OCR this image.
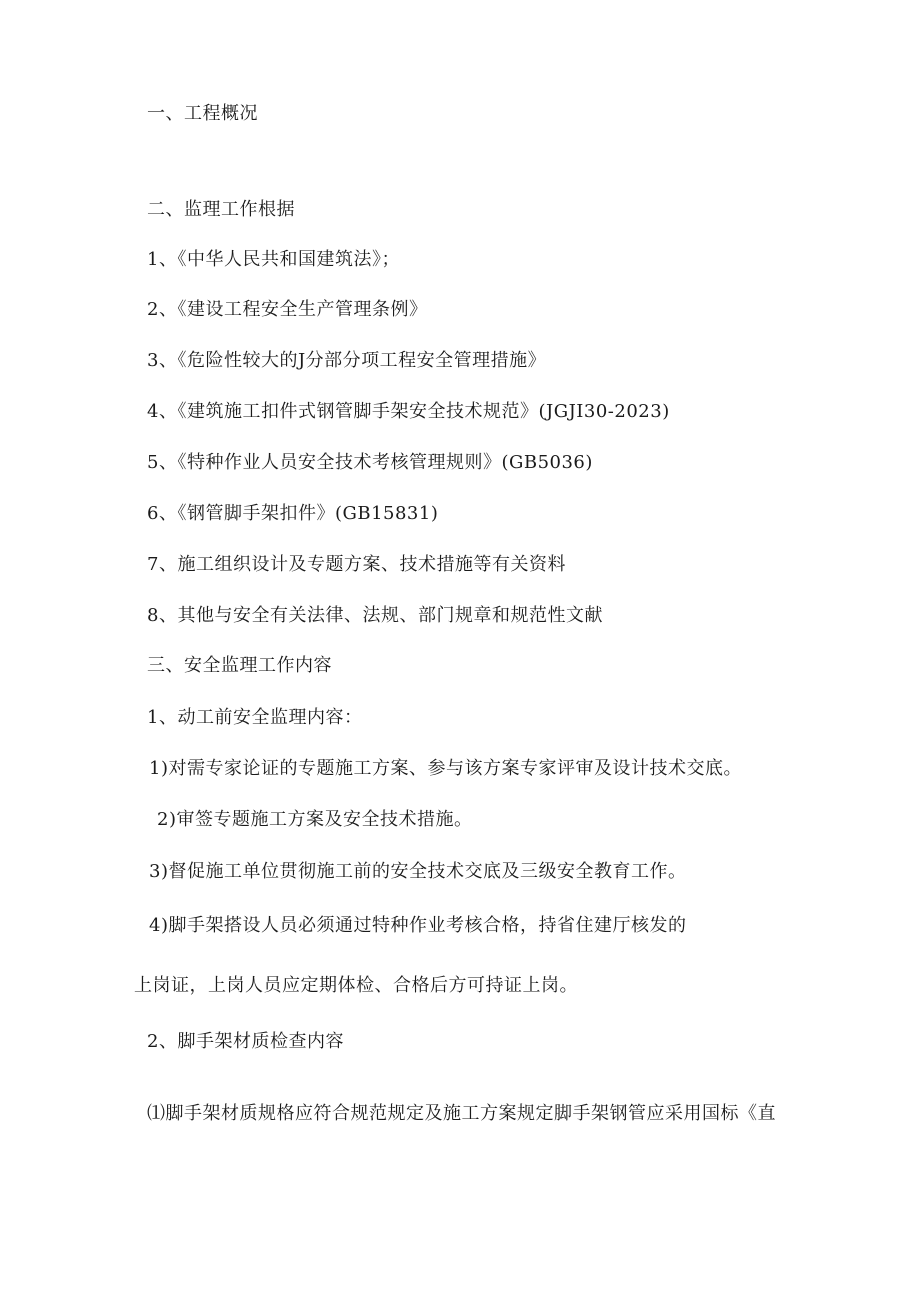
一、工程概况
二、监理工作根据
1、《中华人民共和国建筑法》；
2、《建设工程安全生产管理条例》
3、《危险性较大的J分部分项工程安全管理措施》
4、《建筑施工扣件式钢管脚手架安全技术规范》(JGJI30-2023)
5、《特种作业人员安全技术考核管理规则》(GB5036)
6、《钢管脚手架扣件》(GB15831)
7、施工组织设计及专题方案、技术措施等有关资料
8、其他与安全有关法律、法规、部门规章和规范性文献
三、安全监理工作内容
1、动工前安全监理内容：
1)对需专家论证的专题施工方案、参与该方案专家评审及设计技术交底。
2)审签专题施工方案及安全技术措施。
3)督促施工单位贯彻施工前的安全技术交底及三级安全教育工作。
4)脚手架搭设人员必须通过特种作业考核合格，持省住建厅核发的
上岗证，上岗人员应定期体检、合格后方可持证上岗。
2、脚手架材质检查内容
⑴脚手架材质规格应符合规范规定及施工方案规定脚手架钢管应采用国标《直
